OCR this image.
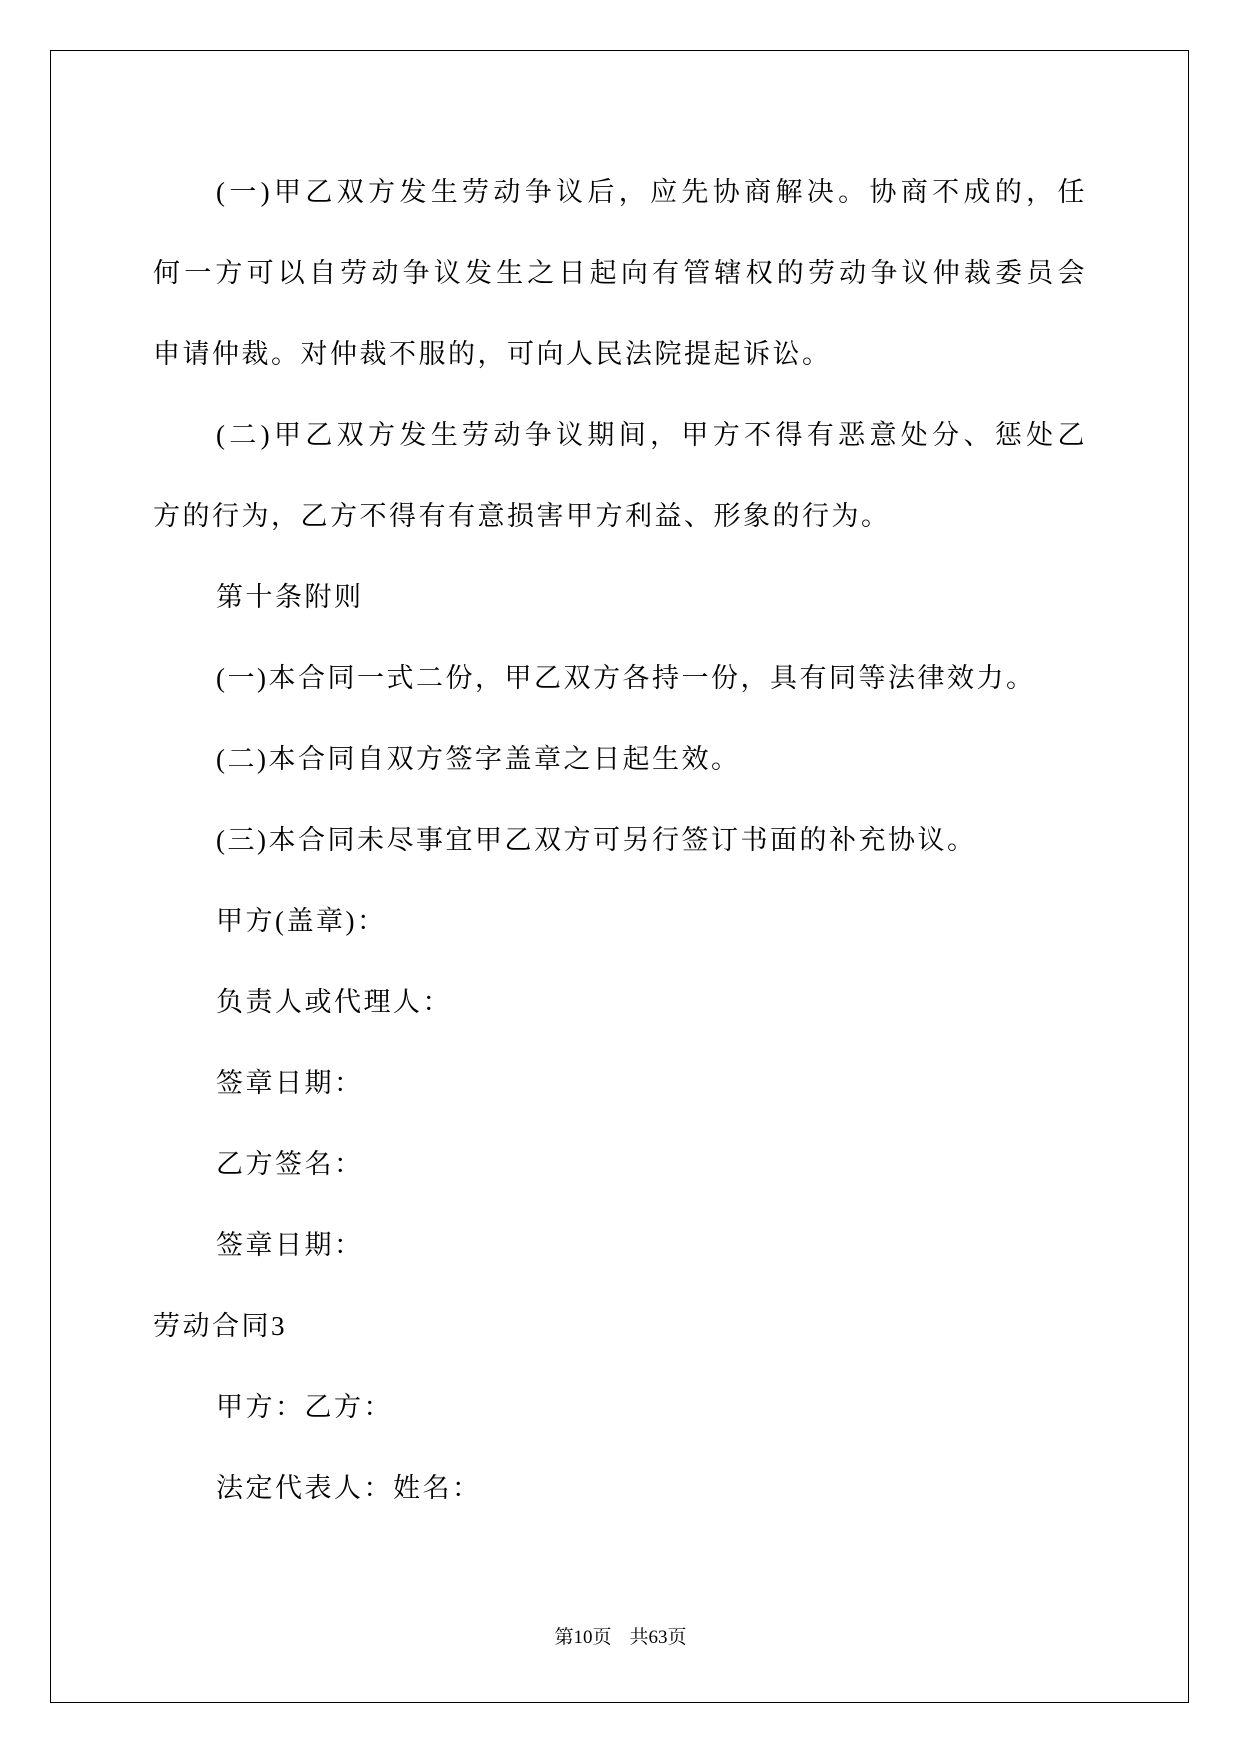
(一)甲乙双方发生劳动争议后，应先协商解决。协商不成的，任
何一方可以自劳动争议发生之日起向有管辖权的劳动争议仲裁委员会
申请仲裁。对仲裁不服的，可向人民法院提起诉讼。
(二)甲乙双方发生劳动争议期间，甲方不得有恶意处分、惩处乙
方的行为，乙方不得有有意损害甲方利益、形象的行为。
第十条附则
(一)本合同一式二份，甲乙双方各持一份，具有同等法律效力。
(二)本合同自双方签字盖章之日起生效。
(三)本合同未尽事宜甲乙双方可另行签订书面的补充协议。
甲方(盖章)：
负责人或代理人：
签章日期：
乙方签名：
签章日期：
劳动合同3
甲方：乙方：
法定代表人：姓名：
第10页 共63页
